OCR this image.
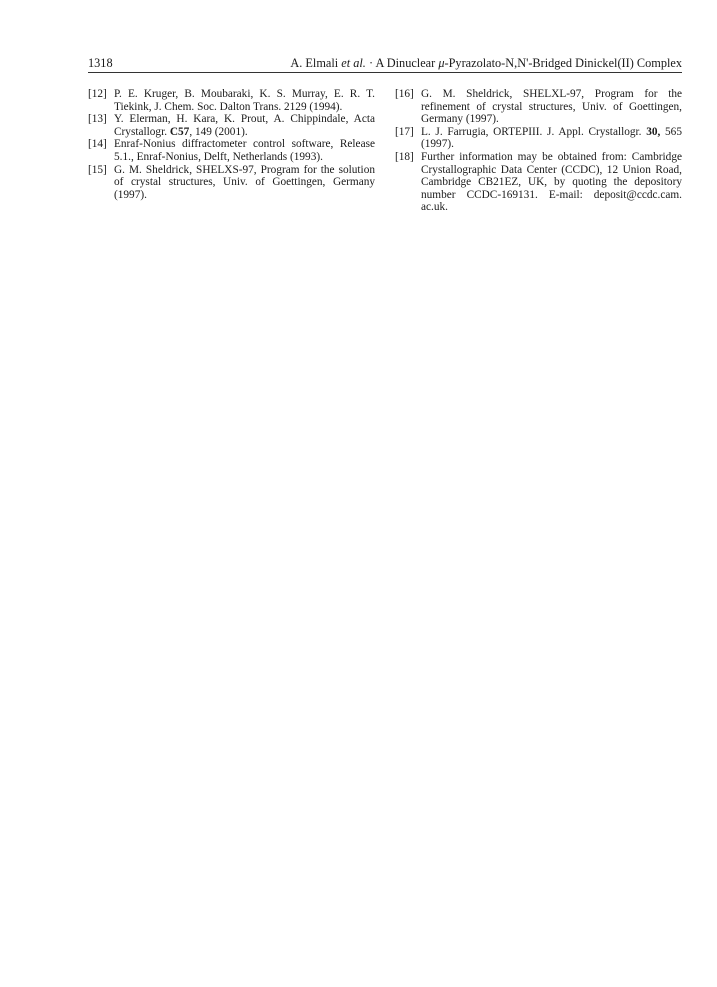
1318	A. Elmali et al. · A Dinuclear μ-Pyrazolato-N,N'-Bridged Dinickel(II) Complex
[12] P. E. Kruger, B. Moubaraki, K. S. Murray, E. R. T. Tiekink, J. Chem. Soc. Dalton Trans. 2129 (1994).
[13] Y. Elerman, H. Kara, K. Prout, A. Chippindale, Acta Crystallogr. C57, 149 (2001).
[14] Enraf-Nonius diffractometer control software, Release 5.1., Enraf-Nonius, Delft, Netherlands (1993).
[15] G. M. Sheldrick, SHELXS-97, Program for the solution of crystal structures, Univ. of Goettingen, Germany (1997).
[16] G. M. Sheldrick, SHELXL-97, Program for the refinement of crystal structures, Univ. of Goettingen, Germany (1997).
[17] L. J. Farrugia, ORTEPIII. J. Appl. Crystallogr. 30, 565 (1997).
[18] Further information may be obtained from: Cambridge Crystallographic Data Center (CCDC), 12 Union Road, Cambridge CB21EZ, UK, by quoting the depository number CCDC-169131. E-mail: deposit@ccdc.cam. ac.uk.
